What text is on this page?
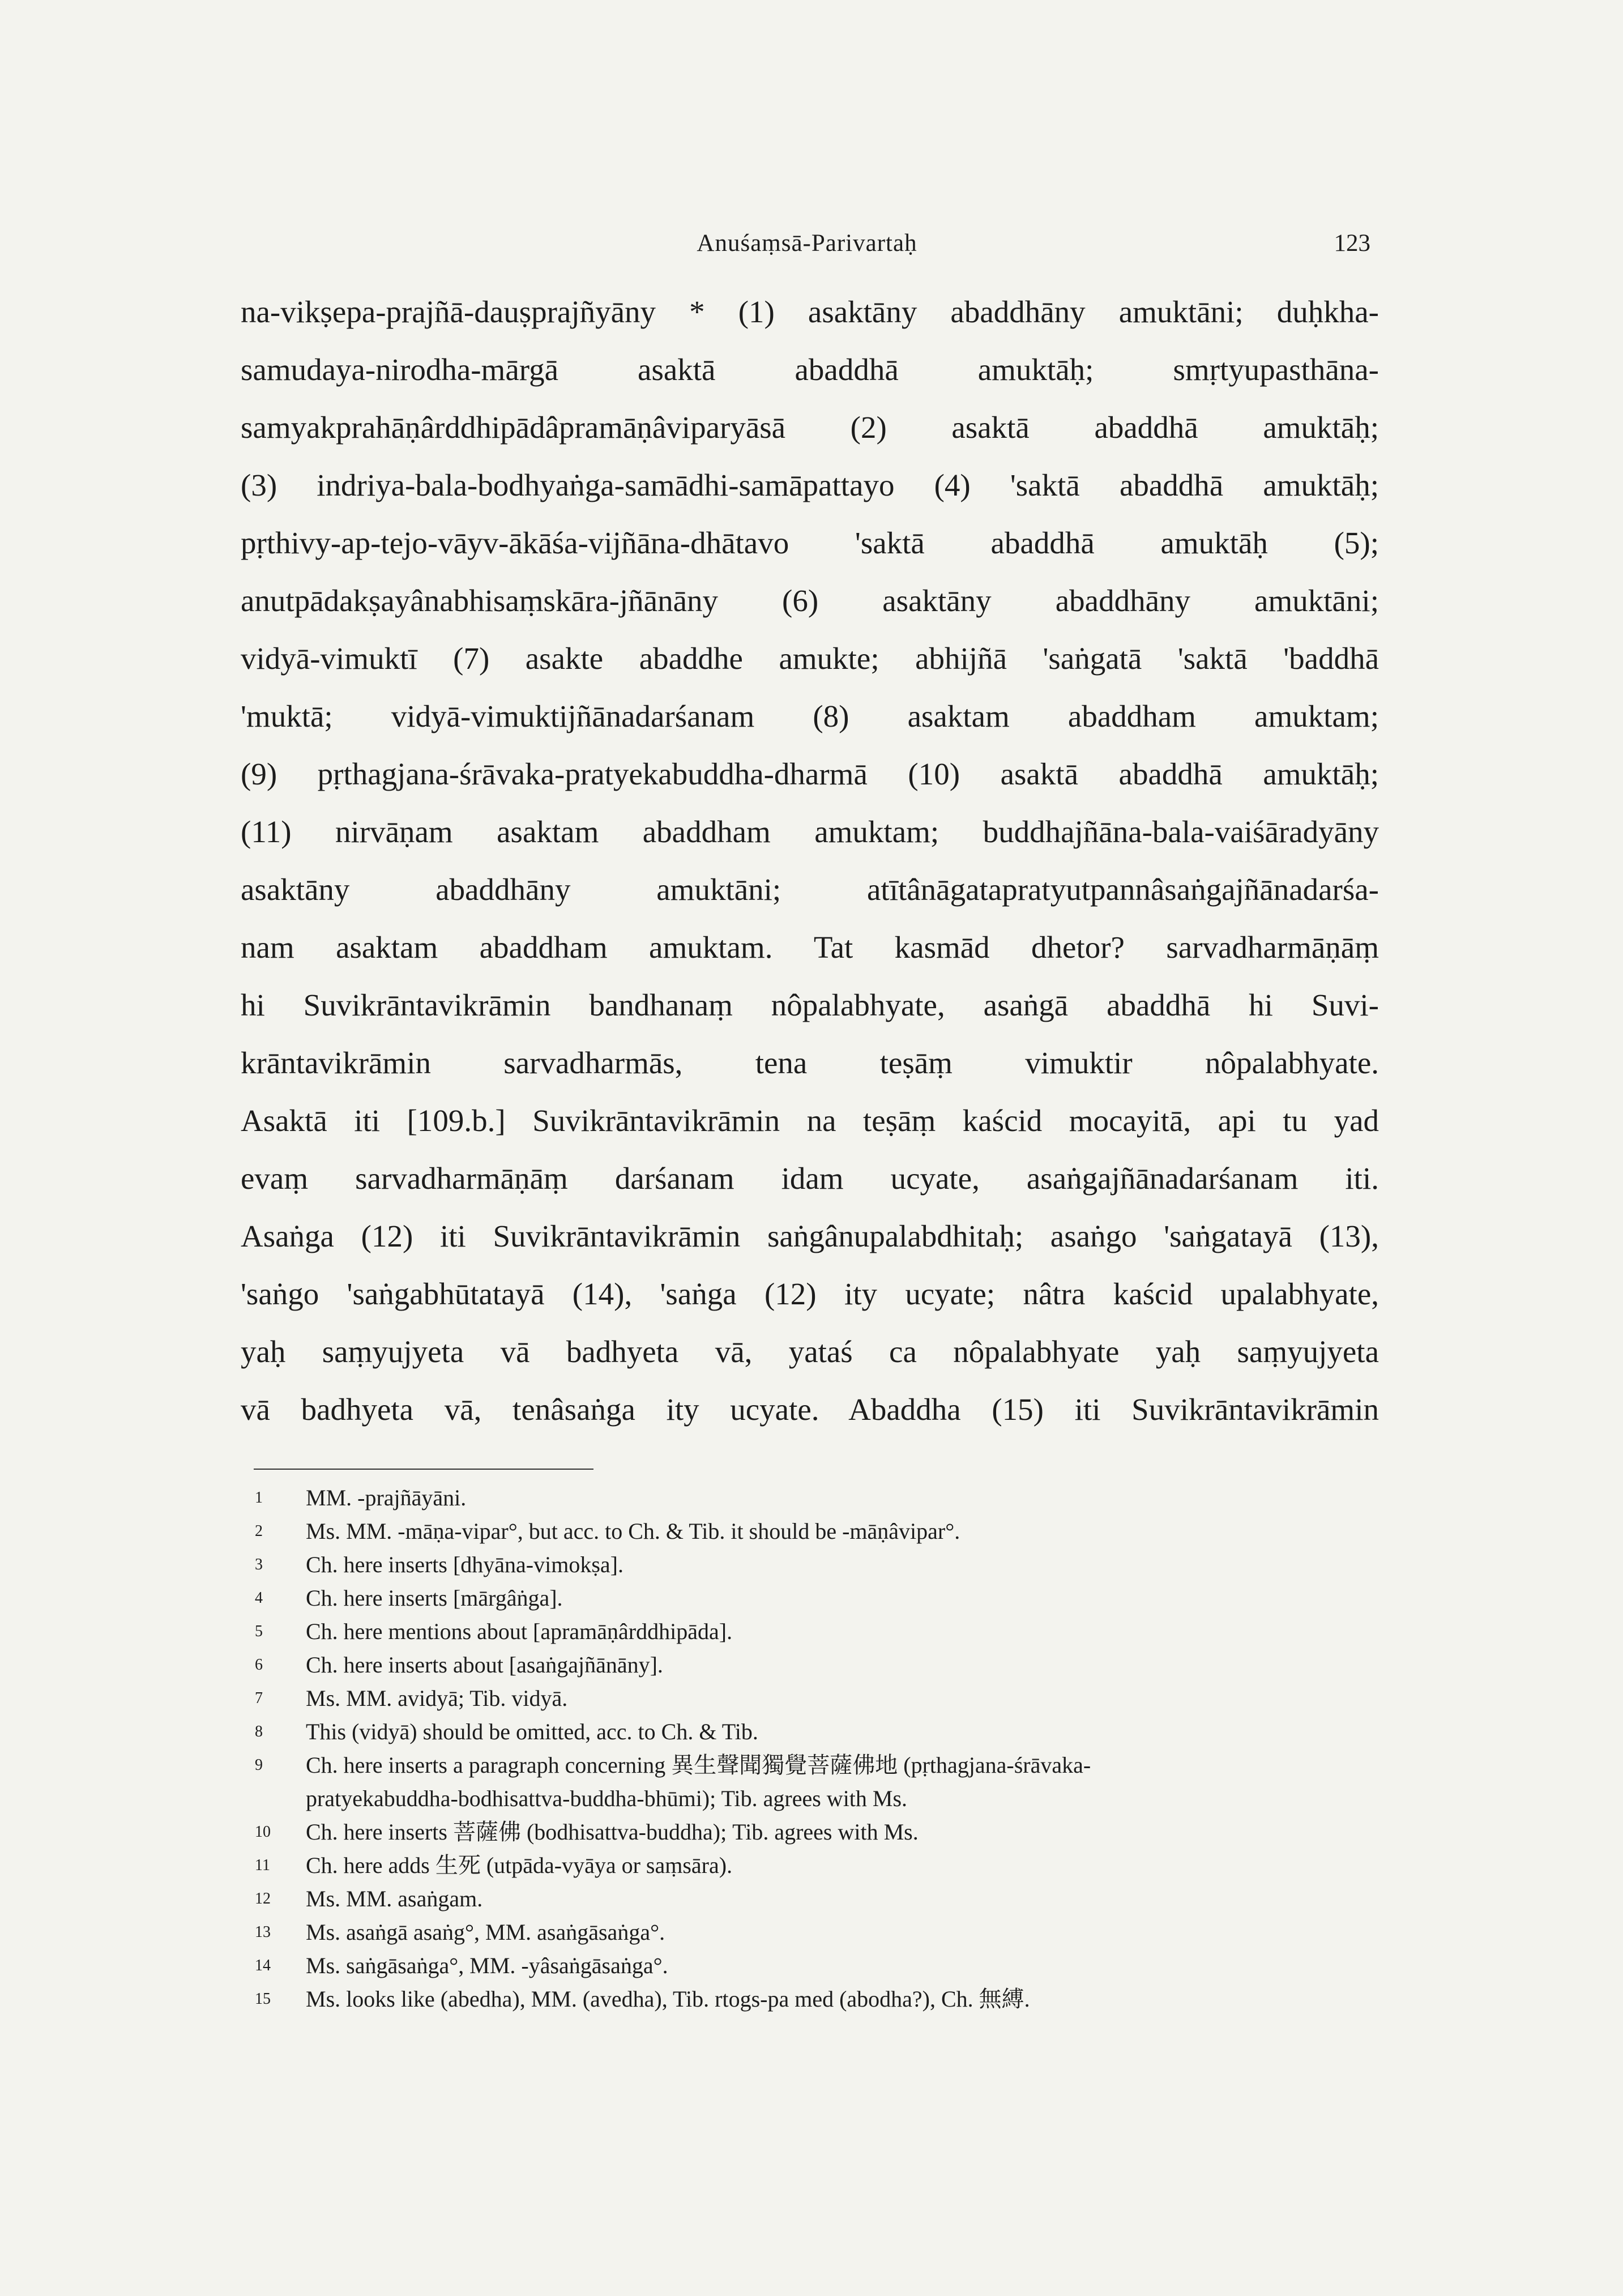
Anuśaṃsā-Parivartaḥ	123
na-vikṣepa-prajñā-dauṣprajñyāny * (1) asaktāny abaddhāny amuktāni; duḥkha-
samudaya-nirodha-mārgā asaktā abaddhā amuktāḥ; smṛtyupasthāna-
samyakprahāṇârddhipādâpramāṇâviparyāsā (2) asaktā abaddhā amuktāḥ;
(3) indriya-bala-bodhyaṅga-samādhi-samāpattayo (4) 'saktā abaddhā amuktāḥ;
pṛthivy-ap-tejo-vāyv-ākāśa-vijñāna-dhātavo 'saktā abaddhā amuktāḥ (5);
anutpādakṣayânabhisaṃskāra-jñānāny (6) asaktāny abaddhāny amuktāni;
vidyā-vimuktī (7) asakte abaddhe amukte; abhijñā 'saṅgatā 'saktā 'baddhā
'muktā; vidyā-vimuktijñānadarśanam (8) asaktam abaddham amuktam;
(9) pṛthagjana-śrāvaka-pratyekabuddha-dharmā (10) asaktā abaddhā amuktāḥ;
(11) nirvāṇam asaktam abaddham amuktam; buddhajñāna-bala-vaiśāradyāny
asaktāny abaddhāny amuktāni; atītânāgatapratyutpannâsaṅgajñānadarśa-
nam asaktam abaddham amuktam. Tat kasmād dhetor? sarvadharmāṇāṃ
hi Suvikrāntavikrāmin bandhanaṃ nôpalabhyate, asaṅgā abaddhā hi Suvi-
krāntavikrāmin sarvadharmās, tena teṣāṃ vimuktir nôpalabhyate.
Asaktā iti [109.b.] Suvikrāntavikrāmin na teṣāṃ kaścid mocayitā, api tu yad
evaṃ sarvadharmāṇāṃ darśanam idam ucyate, asaṅgajñānadarśanam iti.
Asaṅga (12) iti Suvikrāntavikrāmin saṅgânupalabdhitaḥ; asaṅgo 'saṅgatayā (13),
'saṅgo 'saṅgabhūtatayā (14), 'saṅga (12) ity ucyate; nâtra kaścid upalabhyate,
yaḥ saṃyujyeta vā badhyeta vā, yataś ca nôpalabhyate yaḥ saṃyujyeta
vā badhyeta vā, tenâsaṅga ity ucyate. Abaddha (15) iti Suvikrāntavikrāmin
1	MM. -prajñāyāni.
2	Ms. MM. -māṇa-vipar°, but acc. to Ch. & Tib. it should be -māṇâvipar°.
3	Ch. here inserts [dhyāna-vimokṣa].
4	Ch. here inserts [mārgâṅga].
5	Ch. here mentions about [apramāṇârddhipāda].
6	Ch. here inserts about [asaṅgajñānāny].
7	Ms. MM. avidyā; Tib. vidyā.
8	This (vidyā) should be omitted, acc. to Ch. & Tib.
9	Ch. here inserts a paragraph concerning 異生聲聞獨覺菩薩佛地 (pṛthagjana-śrāvaka-
pratyekabuddha-bodhisattva-buddha-bhūmi); Tib. agrees with Ms.
10	Ch. here inserts 菩薩佛 (bodhisattva-buddha); Tib. agrees with Ms.
11	Ch. here adds 生死 (utpāda-vyāya or saṃsāra).
12	Ms. MM. asaṅgam.
13	Ms. asaṅgā asaṅg°, MM. asaṅgāsaṅga°.
14	Ms. saṅgāsaṅga°, MM. -yâsaṅgāsaṅga°.
15	Ms. looks like (abedha), MM. (avedha), Tib. rtogs-pa med (abodha?), Ch. 無縛.
